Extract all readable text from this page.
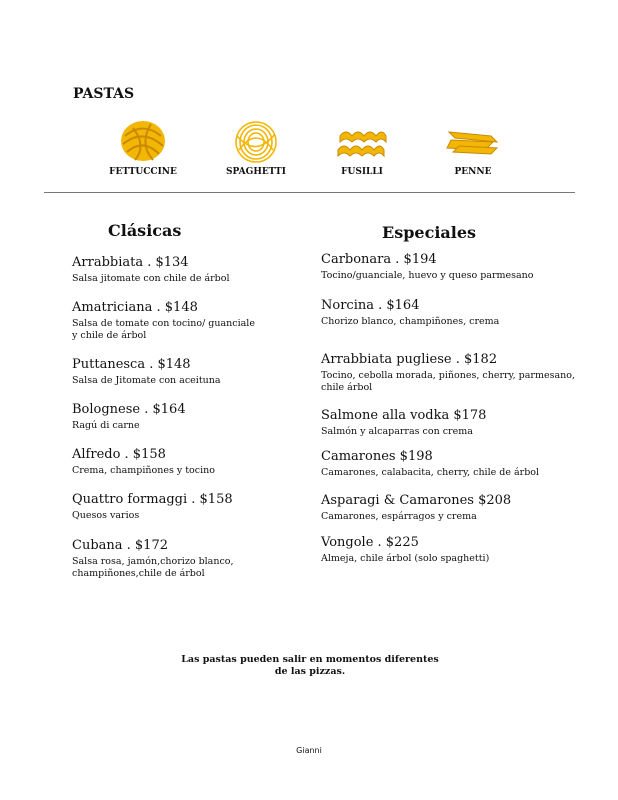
PASTAS
FETTUCCINE	SPAGHETTI	FUSILLI	PENNE
Clásicas	Especiales
Arrabbiata . $134
Salsa jitomate con chile de árbol
Amatriciana . $148
Salsa de tomate con tocino/ guanciale
y chile de árbol
Puttanesca . $148
Salsa de Jitomate con aceituna
Bolognese . $164
Ragú di carne
Alfredo . $158
Crema, champiñones y tocino
Quattro formaggi . $158
Quesos varios
Cubana . $172
Salsa rosa, jamón,chorizo blanco,
champiñones,chile de árbol
Carbonara . $194
Tocino/guanciale, huevo y queso parmesano
Norcina . $164
Chorizo blanco, champiñones, crema
Arrabbiata pugliese . $182
Tocino, cebolla morada, piñones, cherry, parmesano,
chile árbol
Salmone alla vodka $178
Salmón y alcaparras con crema
Camarones $198
Camarones, calabacita, cherry, chile de árbol
Asparagi & Camarones $208
Camarones, espárragos y crema
Vongole . $225
Almeja, chile árbol (solo spaghetti)
Las pastas pueden salir en momentos diferentes
de las pizzas.
Gianni
